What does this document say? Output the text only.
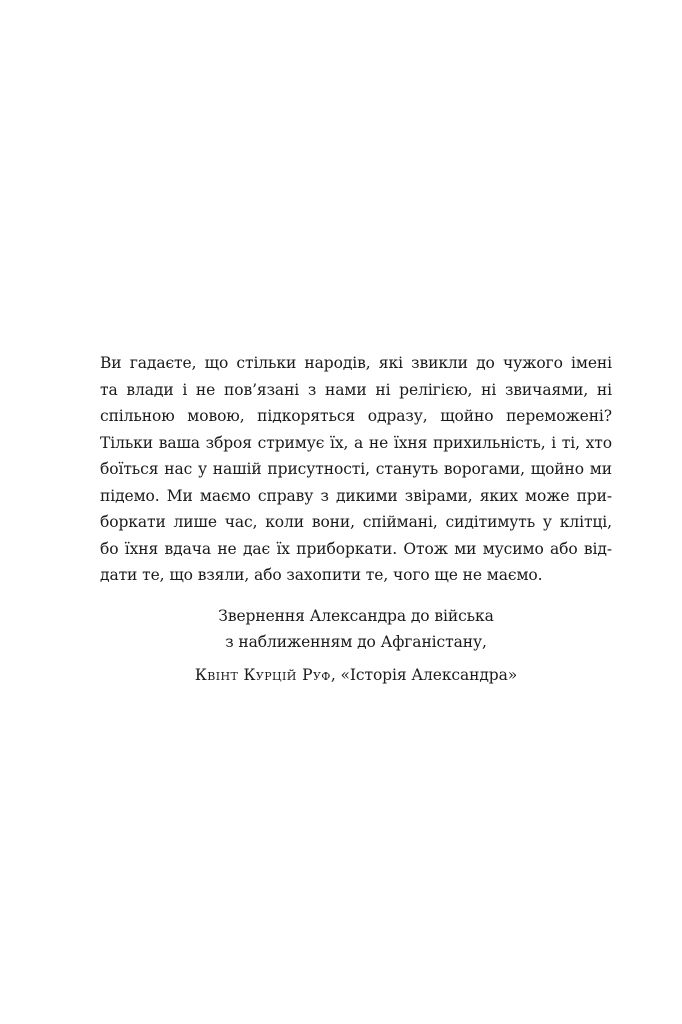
Ви гадаєте, що стільки народів, які звикли до чужого імені
та влади і не пов’язані з нами ні релігією, ні звичаями, ні
спільною мовою, підкоряться одразу, щойно переможені?
Тільки ваша зброя стримує їх, а не їхня прихильність, і ті, хто
боїться нас у нашій присутності, стануть ворогами, щойно ми
підемо. Ми маємо справу з дикими звірами, яких може при-
боркати лише час, коли вони, спіймані, сидітимуть у клітці,
бо їхня вдача не дає їх приборкати. Отож ми мусимо або від-
дати те, що взяли, або захопити те, чого ще не маємо.
Звернення Александра до війська
з наближенням до Афганістану,
Квінт Курцій Руф, «Історія Александра»
